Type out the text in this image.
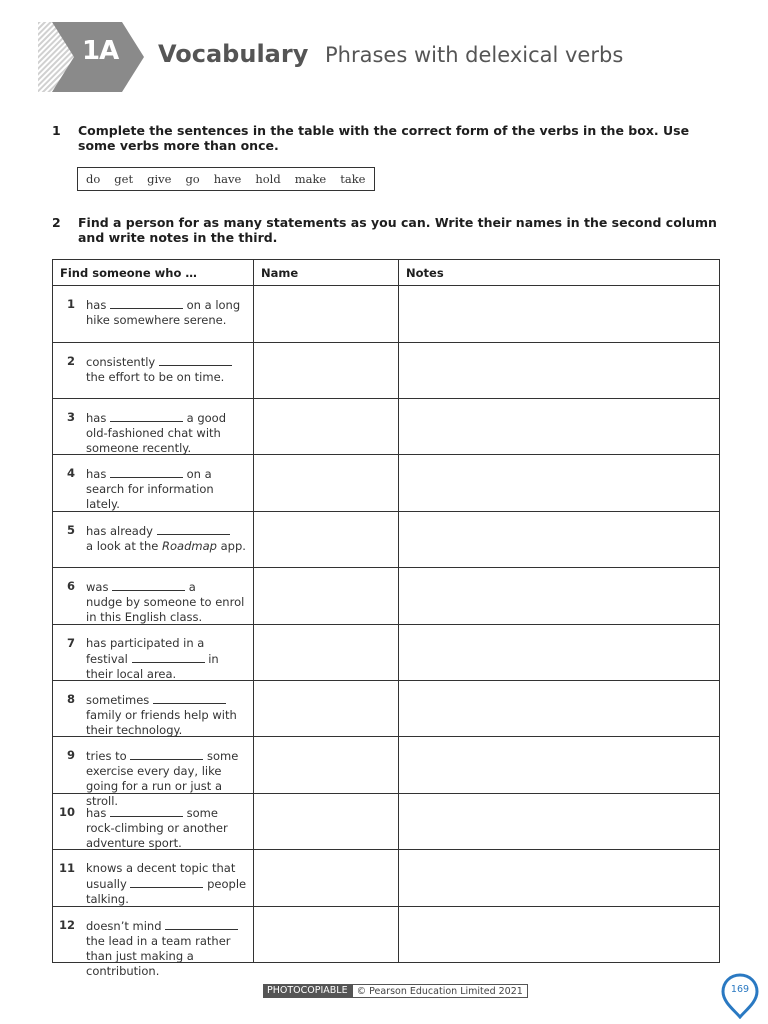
1A	Vocabulary Phrases with delexical verbs
1 Complete the sentences in the table with the correct form of the verbs in the box. Use some verbs more than once.
do get give go have hold make take
2 Find a person for as many statements as you can. Write their names in the second column and write notes in the third.
Find someone who …	Name	Notes

1 has on a long
hike somewhere serene.		

2 consistently
the effort to be on time.		

3 has a good
old-fashioned chat with someone recently.		

4 has on a
search for information lately.		

5 has already
a look at the Roadmap app.		

6 was a
nudge by someone to enrol in this English class.		

7 has participated in a
festival in
their local area.		

8 sometimes
family or friends help with their technology.		

9 tries to some
exercise every day, like going for a run or just a stroll.		

10 has some
rock-climbing or another adventure sport.		

11 knows a decent topic that
usually people
talking.		

12 doesn’t mind
the lead in a team rather than just making a contribution.		

PHOTOCOPIABLE © Pearson Education Limited 2021	169
